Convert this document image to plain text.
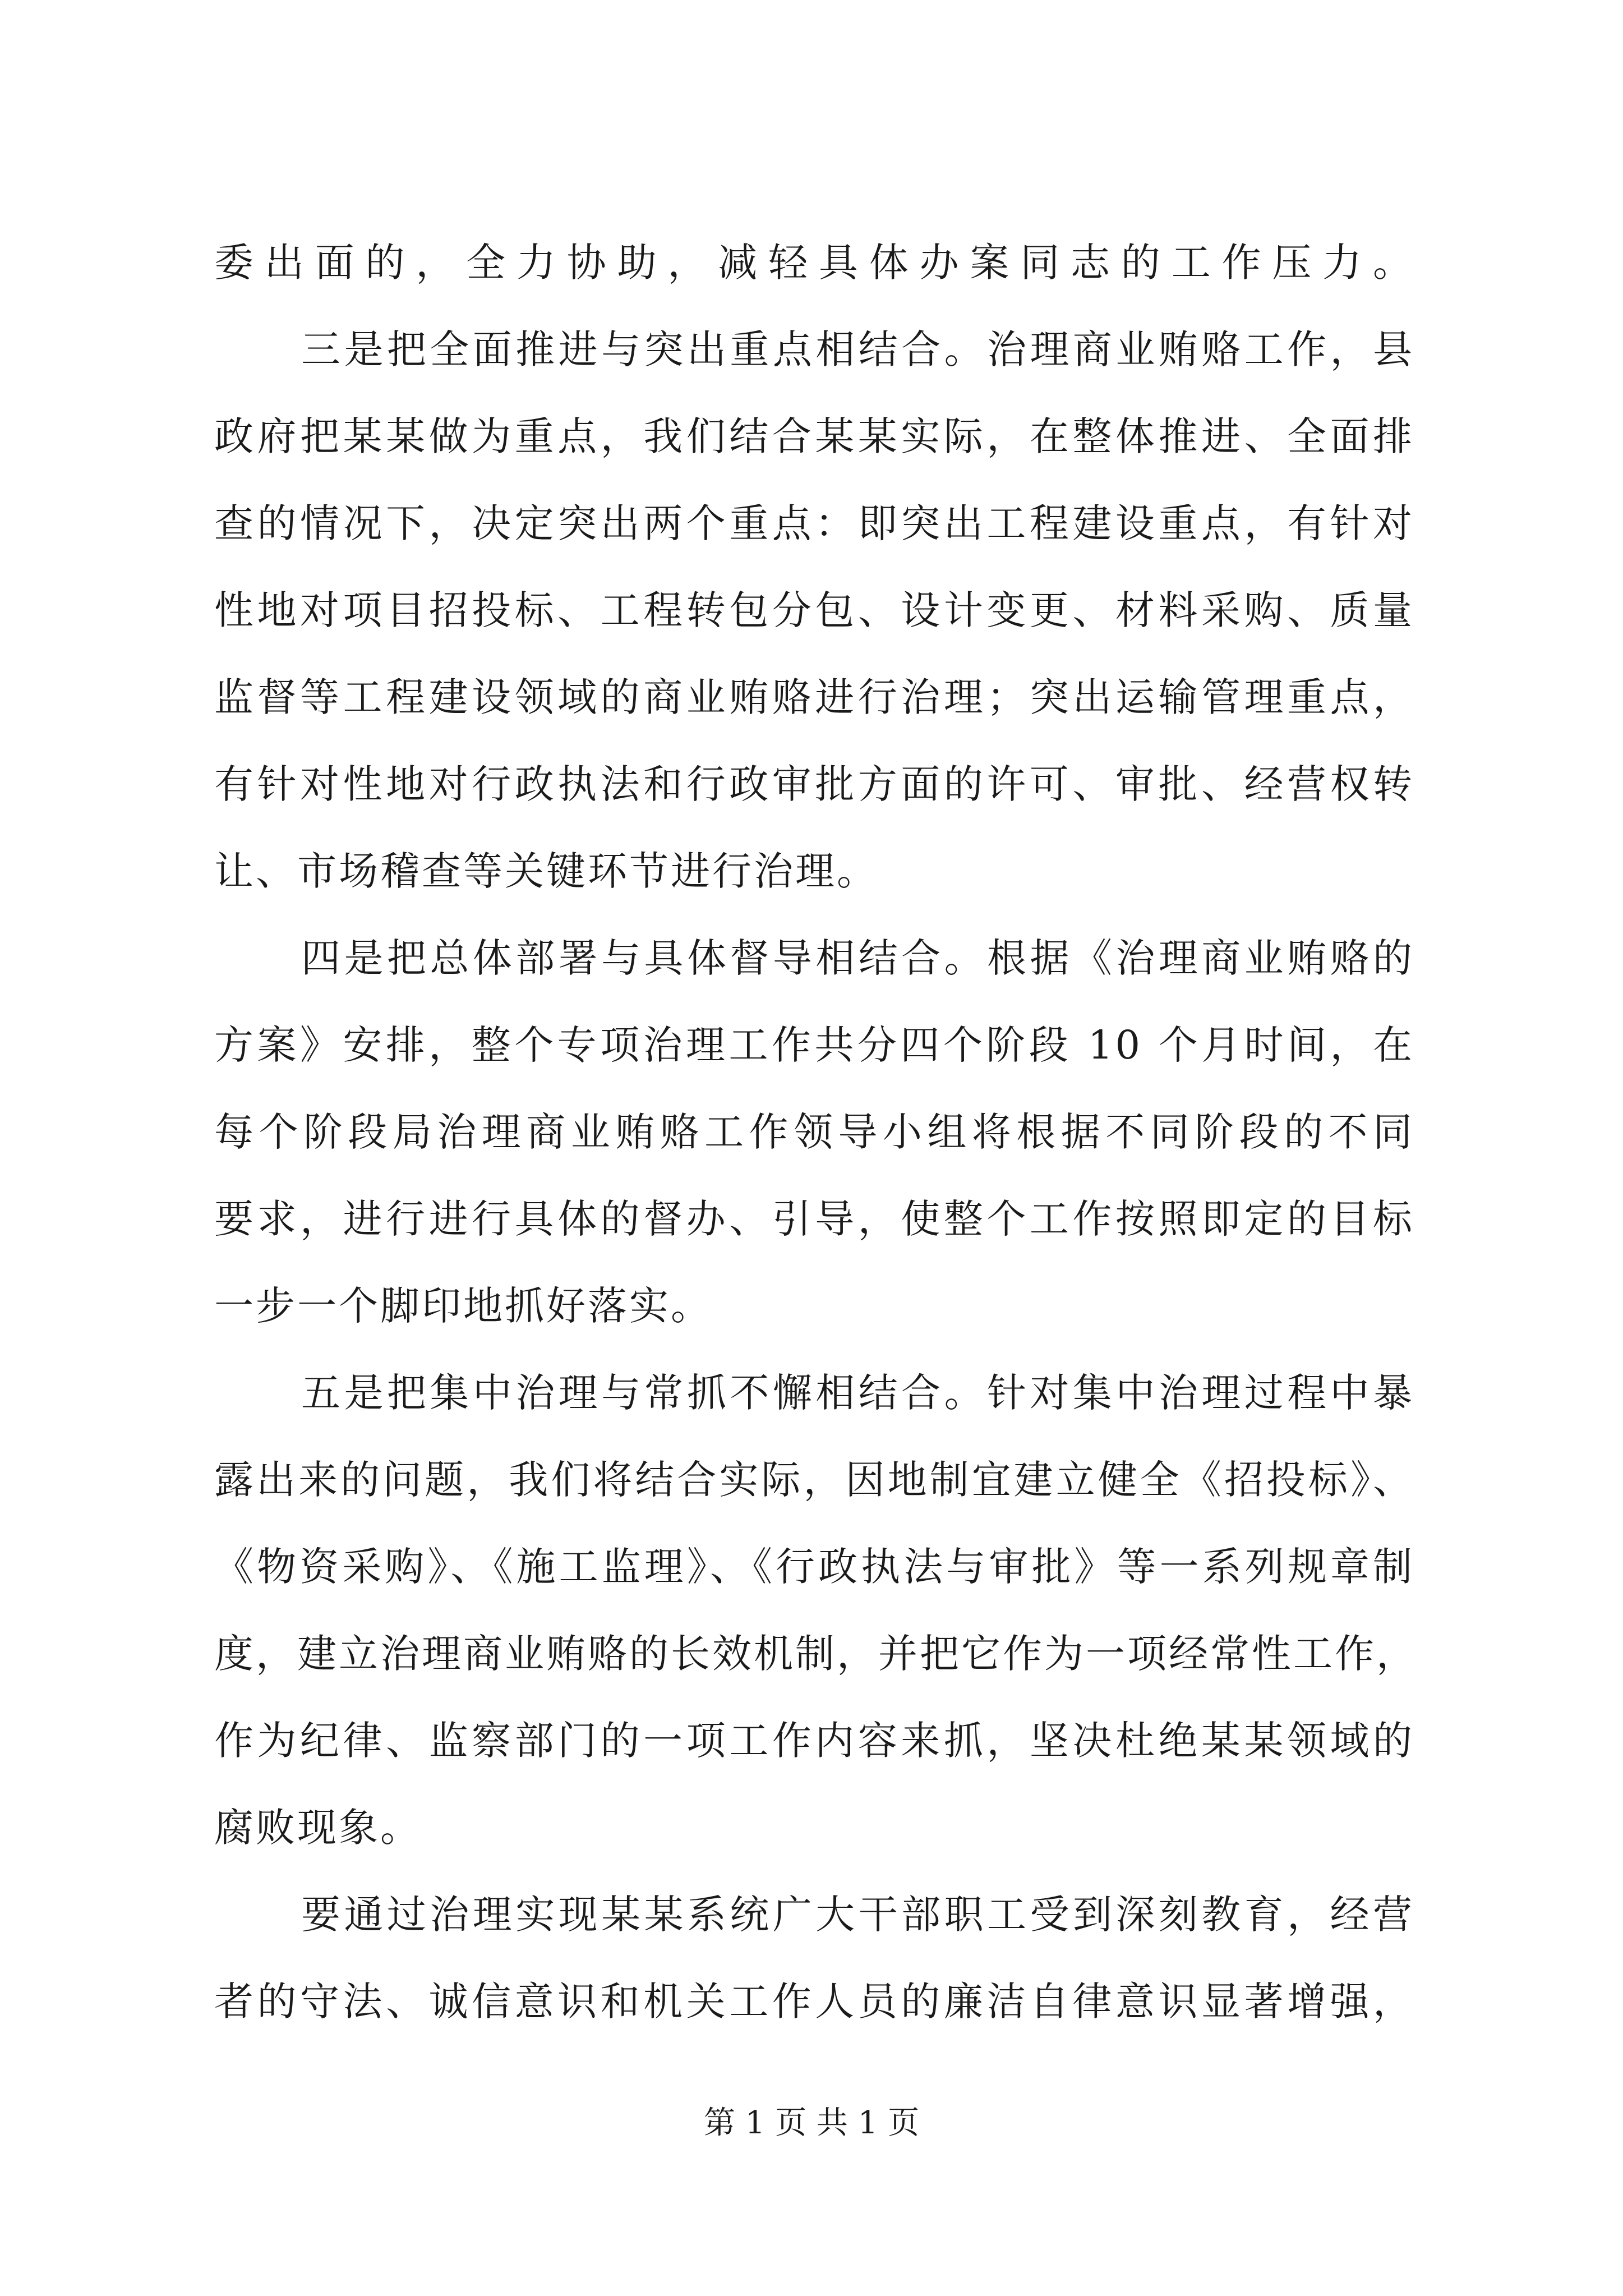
委出面的，全力协助，减轻具体办案同志的工作压力。
三是把全面推进与突出重点相结合。治理商业贿赂工作，县
政府把某某做为重点，我们结合某某实际，在整体推进、全面排
查的情况下，决定突出两个重点：即突出工程建设重点，有针对
性地对项目招投标、工程转包分包、设计变更、材料采购、质量
监督等工程建设领域的商业贿赂进行治理；突出运输管理重点，
有针对性地对行政执法和行政审批方面的许可、审批、经营权转
让、市场稽查等关键环节进行治理。
四是把总体部署与具体督导相结合。根据《治理商业贿赂的
方案》安排，整个专项治理工作共分四个阶段 10 个月时间，在
每个阶段局治理商业贿赂工作领导小组将根据不同阶段的不同
要求，进行进行具体的督办、引导，使整个工作按照即定的目标
一步一个脚印地抓好落实。
五是把集中治理与常抓不懈相结合。针对集中治理过程中暴
露出来的问题，我们将结合实际，因地制宜建立健全《招投标》、
《物资采购》、《施工监理》、《行政执法与审批》等一系列规章制
度，建立治理商业贿赂的长效机制，并把它作为一项经常性工作，
作为纪律、监察部门的一项工作内容来抓，坚决杜绝某某领域的
腐败现象。
要通过治理实现某某系统广大干部职工受到深刻教育，经营
者的守法、诚信意识和机关工作人员的廉洁自律意识显著增强，
第 1 页 共 1 页
